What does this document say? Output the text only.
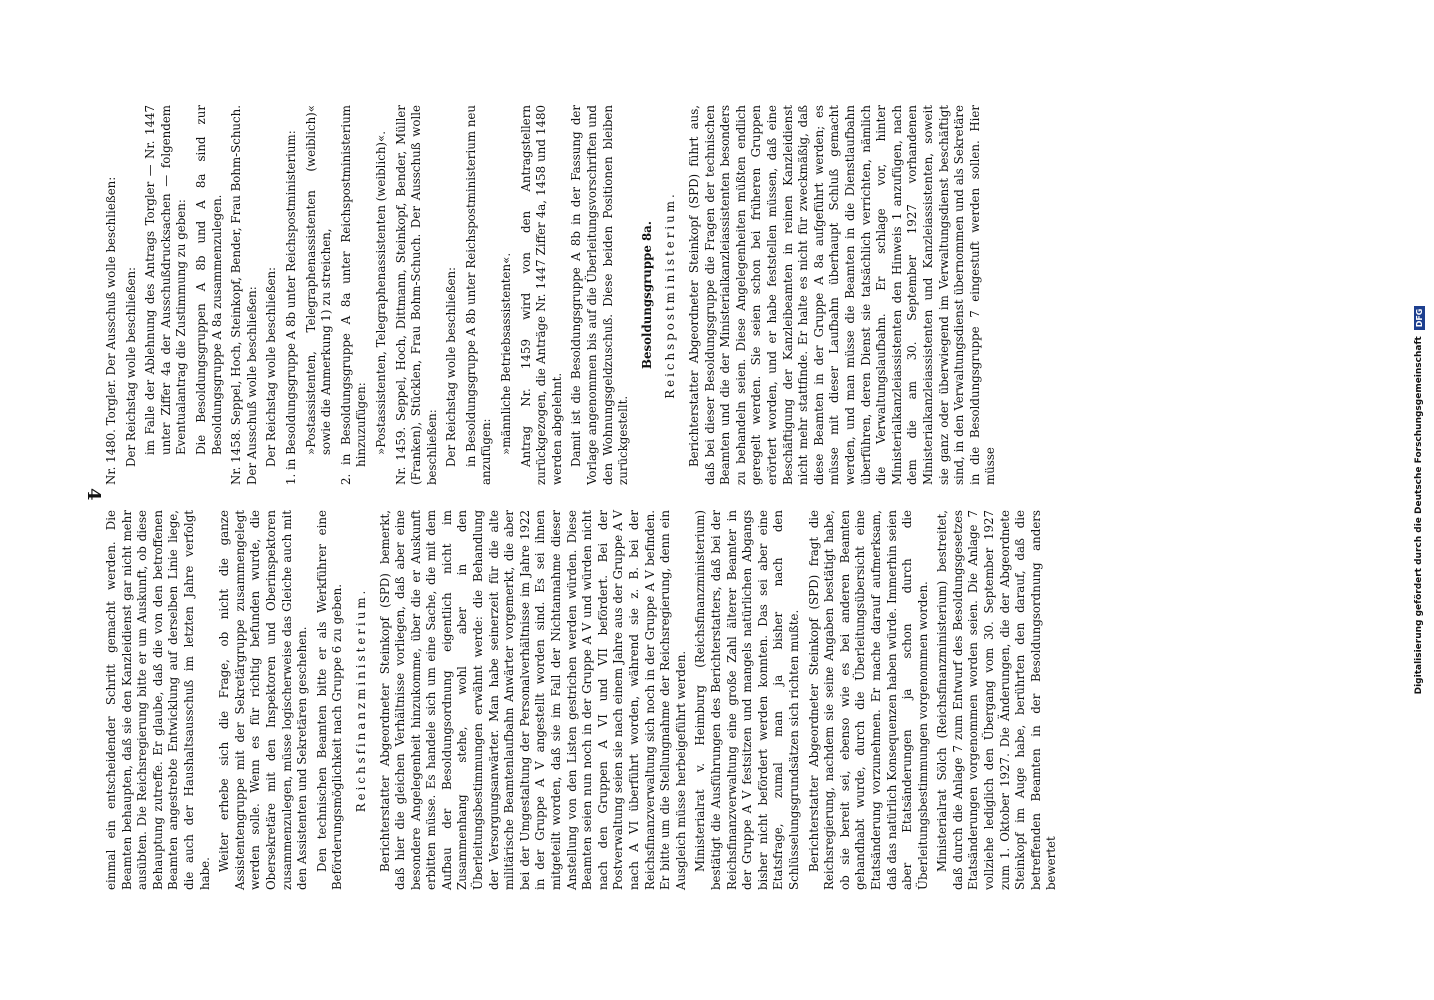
Digitalisierung gefördert durch die Deutsche Forschungsgemeinschaft
DFG

Nr. 1480. Torgler. Der Ausschuß wolle beschließen: Der Reichstag wolle beschließen: im Falle der Ablehnung des Antrags Torgler — Nr. 1447 unter Ziffer 4a der Ausschußdrucksachen — folgendem Eventualantrag die Zustimmung zu geben: Die Besoldungsgruppen A 8b und A 8a sind zur Besoldungsgruppe A 8a zusammenzulegen. Nr. 1458. Seppel, Hoch, Steinkopf, Bender, Frau Bohm-Schuch. Der Ausschuß wolle beschließen: Der Reichstag wolle beschließen: 1. in Besoldungsgruppe A 8b unter Reichspostministerium: »Postassistenten, Telegraphenassistenten (weiblich)« sowie die Anmerkung 1) zu streichen, 2. in Besoldungsgruppe A 8a unter Reichspostministerium hinzuzufügen: »Postassistenten, Telegraphenassistenten (weiblich)«. Nr. 1459. Seppel, Hoch, Dittmann, Steinkopf, Bender, Müller (Franken), Stücklen, Frau Bohm-Schuch. Der Ausschuß wolle beschließen: Der Reichstag wolle beschließen: in Besoldungsgruppe A 8b unter Reichspostministerium neu anzufügen: »männliche Betriebsassistenten«. Antrag Nr. 1459 wird von den Antragstellern zurückgezogen, die Anträge Nr. 1447 Ziffer 4a, 1458 und 1480 werden abgelehnt. Damit ist die Besoldungsgruppe A 8b in der Fassung der Vorlage angenommen bis auf die Überleitungsvorschriften und den Wohnungsgeldzuschuß. Diese beiden Positionen bleiben zurückgestellt.

Besoldungsgruppe 8a. Reichspostministerium. Berichterstatter Abgeordneter Steinkopf (SPD) führt aus, daß bei dieser Besoldungsgruppe die Fragen der technischen Beamten und die der Ministerialkanzleiassistenten besonders zu behandeln seien. Diese Angelegenheiten müßten endlich geregelt werden. Sie seien schon bei früheren Gruppen erörtert worden, und er habe feststellen müssen, daß eine Beschäftigung der Kanzleibeamten in reinen Kanzleidienst nicht mehr stattfinde. Er halte es nicht für zweckmäßig, daß diese Beamten in der Gruppe A 8a aufgeführt werden; es müsse mit dieser Laufbahn überhaupt Schluß gemacht werden, und man müsse die Beamten in die Dienstlaufbahn überführen, deren Dienst sie tatsächlich verrichten, nämlich die Verwaltungslaufbahn. Er schlage vor, hinter Ministerialkanzleiassistenten den Hinweis 1 anzufügen, nach dem die am 30. September 1927 vorhandenen Ministerialkanzleiassistenten und Kanzleiassistenten, soweit sie ganz oder überwiegend im Verwaltungsdienst beschäftigt sind, in den Verwaltungsdienst übernommen und als Sekretäre in die Besoldungsgruppe 7 eingestuft werden sollen. Hier müsse

einmal ein entscheidender Schritt gemacht werden. Die Beamten behaupten, daß sie den Kanzleidienst gar nicht mehr ausübten. Die Reichsregierung bitte er um Auskunft, ob diese Behauptung zutreffe. Er glaube, daß die von den betroffenen Beamten angestrebte Entwicklung auf derselben Linie liege, die auch der Haushaltsausschuß im letzten Jahre verfolgt habe.

Weiter erhebe sich die Frage, ob nicht die ganze Assistentengruppe mit der Sekretärgruppe zusammengelegt werden solle. Wenn es für richtig befunden wurde, die Obersekretäre mit den Inspektoren und Oberinspektoren zusammenzulegen, müsse logischerweise das Gleiche auch mit den Assistenten und Sekretären geschehen. Den technischen Beamten bitte er als Werkführer eine Beförderungsmöglichkeit nach Gruppe 6 zu geben. Reichsfinanzministerium. Berichterstatter Abgeordneter Steinkopf (SPD) bemerkt, daß hier die gleichen Verhältnisse vorliegen, daß aber eine besondere Angelegenheit hinzukomme, über die er Auskunft erbitten müsse. Es handele sich um eine Sache, die mit dem Aufbau der Besoldungsordnung eigentlich nicht im Zusammenhang stehe, wohl aber in den Überleitungsbestimmungen erwähnt werde: die Behandlung der Versorgungsanwärter. Man habe seinerzeit für die alte militärische Beamtenlaufbahn Anwärter vorgemerkt, die aber bei der Umgestaltung der Personalverhältnisse im Jahre 1922 in der Gruppe A V angestellt worden sind. Es sei ihnen mitgeteilt worden, daß sie im Fall der Nichtannahme dieser Anstellung von den Listen gestrichen werden würden. Diese Beamten seien nun noch in der Gruppe A V und würden nicht nach den Gruppen A VI und VII befördert. Bei der Postverwaltung seien sie nach einem Jahre aus der Gruppe A V nach A VI überführt worden, während sie z. B. bei der Reichsfinanzverwaltung sich noch in der Gruppe A V befinden. Er bitte um die Stellungnahme der Reichsregierung, denn ein Ausgleich müsse herbeigeführt werden. Ministerialrat v. Heimburg (Reichsfinanzministerium) bestätigt die Ausführungen des Berichterstatters, daß bei der Reichsfinanzverwaltung eine große Zahl älterer Beamter in der Gruppe A V festsitzen und mangels natürlichen Abgangs bisher nicht befördert werden konnten. Das sei aber eine Etatsfrage, zumal man ja bisher nach den Schlüsselungsgrundsätzen sich richten mußte. Berichterstatter Abgeordneter Steinkopf (SPD) fragt die Reichsregierung, nachdem sie seine Angaben bestätigt habe, ob sie bereit sei, ebenso wie es bei anderen Beamten gehandhabt wurde, durch die Überleitungsübersicht eine Etatsänderung vorzunehmen. Er mache darauf aufmerksam, daß das natürlich Konsequenzen haben würde. Immerhin seien aber Etatsänderungen ja schon durch die Überleitungsbestimmungen vorgenommen worden. Ministerialrat Sölch (Reichsfinanzministerium) bestreitet, daß durch die Anlage 7 zum Entwurf des Besoldungsgesetzes Etatsänderungen vorgenommen worden seien. Die Anlage 7 vollziehe lediglich den Übergang vom 30. September 1927 zum 1. Oktober 1927. Die Änderungen, die der Abgeordnete Steinkopf im Auge habe, berührten den darauf, daß die betreffenden Beamten in der Besoldungsordnung anders bewertet

4
